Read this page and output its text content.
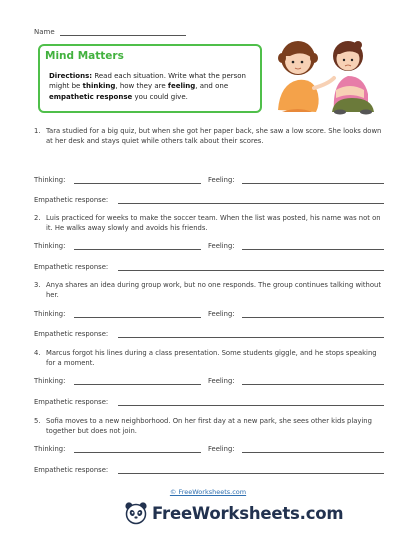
Name
Mind Matters
Directions: Read each situation. Write what the person might be thinking, how they are feeling, and one empathetic response you could give.
1. Tara studied for a big quiz, but when she got her paper back, she saw a low score. She looks down at her desk and stays quiet while others talk about their scores.
Thinking:	Feeling:
Empathetic response:
2. Luis practiced for weeks to make the soccer team. When the list was posted, his name was not on it. He walks away slowly and avoids his friends.
Thinking:	Feeling:
Empathetic response:
3. Anya shares an idea during group work, but no one responds. The group continues talking without her.
Thinking:	Feeling:
Empathetic response:
4. Marcus forgot his lines during a class presentation. Some students giggle, and he stops speaking for a moment.
Thinking:	Feeling:
Empathetic response:
5. Sofia moves to a new neighborhood. On her first day at a new park, she sees other kids playing together but does not join.
Thinking:	Feeling:
Empathetic response:
© FreeWorksheets.com
FreeWorksheets.com
